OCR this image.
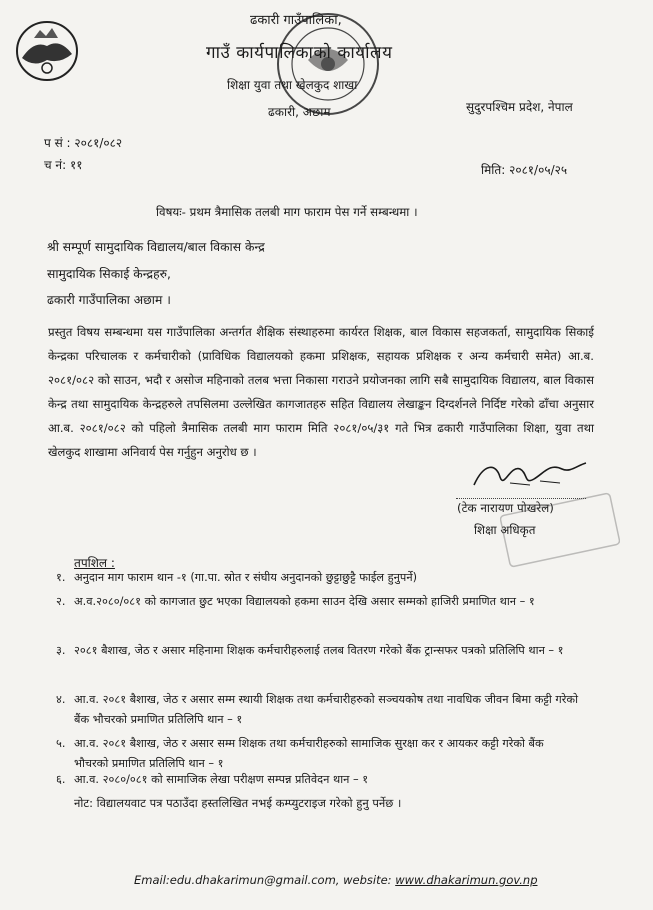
ढकारी गाउँपालिका,
गाउँ कार्यपालिकाको कार्यालय
शिक्षा युवा तथा खेलकुद शाखा
ढकारी, अछाम	सुदुरपश्चिम प्रदेश, नेपाल
प सं : २०८१/०८२
च नं: ११	मिति: २०८१/०५/२५
विषयः- प्रथम त्रैमासिक तलबी माग फाराम पेस गर्ने सम्बन्धमा ।
श्री सम्पूर्ण सामुदायिक विद्यालय/बाल विकास केन्द्र
सामुदायिक सिकाई केन्द्रहरु,
ढकारी गाउँपालिका अछाम ।
प्रस्तुत विषय सम्बन्धमा यस गाउँपालिका अन्तर्गत शैक्षिक संस्थाहरुमा कार्यरत शिक्षक, बाल विकास सहजकर्ता, सामुदायिक सिकाई केन्द्रका परिचालक र कर्मचारीको (प्राविधिक विद्यालयको हकमा प्रशिक्षक, सहायक प्रशिक्षक र अन्य कर्मचारी समेत) आ.ब. २०८१/०८२ को साउन, भदौ र असोज महिनाको तलब भत्ता निकासा गराउने प्रयोजनका लागि सबै सामुदायिक विद्यालय, बाल विकास केन्द्र तथा सामुदायिक केन्द्रहरुले तपसिलमा उल्लेखित कागजातहरु सहित विद्यालय लेखाङ्कन दिग्दर्शनले निर्दिष्ट गरेको ढाँचा अनुसार आ.ब. २०८१/०८२ को पहिलो त्रैमासिक तलबी माग फाराम मिति २०८१/०५/३१ गते भित्र ढकारी गाउँपालिका शिक्षा, युवा तथा खेलकुद शाखामा अनिवार्य पेस गर्नुहुन अनुरोध छ ।
(टेक नारायण पोखरेल)
शिक्षा अधिकृत
तपशिल :
१. अनुदान माग फाराम थान -१ (गा.पा. स्रोत र संघीय अनुदानको छुट्टाछुट्टै फाईल हुनुपर्ने)
२. अ.व.२०८०/०८१ को कागजात छुट भएका विद्यालयको हकमा साउन देखि असार सम्मको हाजिरी प्रमाणित थान – १
३. २०८१ बैशाख, जेठ र असार महिनामा शिक्षक कर्मचारीहरुलाई तलब वितरण गरेको बैंक ट्रान्सफर पत्रको प्रतिलिपि थान – १
४. आ.व. २०८१ बैशाख, जेठ र असार सम्म स्थायी शिक्षक तथा कर्मचारीहरुको सञ्चयकोष तथा नावधिक जीवन बिमा कट्टी गरेको बैंक भौचरको प्रमाणित प्रतिलिपि थान – १
५. आ.व. २०८१ बैशाख, जेठ र असार सम्म शिक्षक तथा कर्मचारीहरुको सामाजिक सुरक्षा कर र आयकर कट्टी गरेको बैंक भौचरको प्रमाणित प्रतिलिपि थान – १
६. आ.व. २०८०/०८१ को सामाजिक लेखा परीक्षण सम्पन्न प्रतिवेदन थान – १
नोट: विद्यालयवाट पत्र पठाउँदा हस्तलिखित नभई कम्प्युटराइज गरेको हुनु पर्नेछ ।
Email:edu.dhakarimun@gmail.com, website: www.dhakarimun.gov.np
